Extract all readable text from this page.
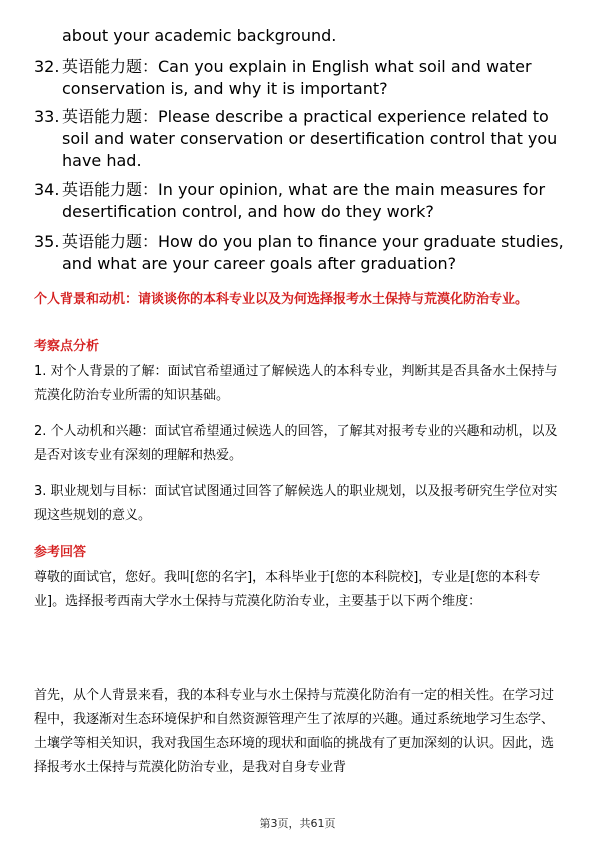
about your academic background.

32. 英语能力题：Can you explain in English what soil and water conservation is, and why it is important?
33. 英语能力题：Please describe a practical experience related to soil and water conservation or desertification control that you have had.
34. 英语能力题：In your opinion, what are the main measures for desertification control, and how do they work?
35. 英语能力题：How do you plan to finance your graduate studies, and what are your career goals after graduation?

个人背景和动机：请谈谈你的本科专业以及为何选择报考水土保持与荒漠化防治专业。

考察点分析

1. 对个人背景的了解：面试官希望通过了解候选人的本科专业，判断其是否具备水土保持与荒漠化防治专业所需的知识基础。

2. 个人动机和兴趣：面试官希望通过候选人的回答，了解其对报考专业的兴趣和动机，以及是否对该专业有深刻的理解和热爱。

3. 职业规划与目标：面试官试图通过回答了解候选人的职业规划，以及报考研究生学位对实现这些规划的意义。

参考回答

尊敬的面试官，您好。我叫[您的名字]，本科毕业于[您的本科院校]，专业是[您的本科专业]。选择报考西南大学水土保持与荒漠化防治专业，主要基于以下两个维度：

首先，从个人背景来看，我的本科专业与水土保持与荒漠化防治有一定的相关性。在学习过程中，我逐渐对生态环境保护和自然资源管理产生了浓厚的兴趣。通过系统地学习生态学、土壤学等相关知识，我对我国生态环境的现状和面临的挑战有了更加深刻的认识。因此，选择报考水土保持与荒漠化防治专业，是我对自身专业背

第3页，共61页
